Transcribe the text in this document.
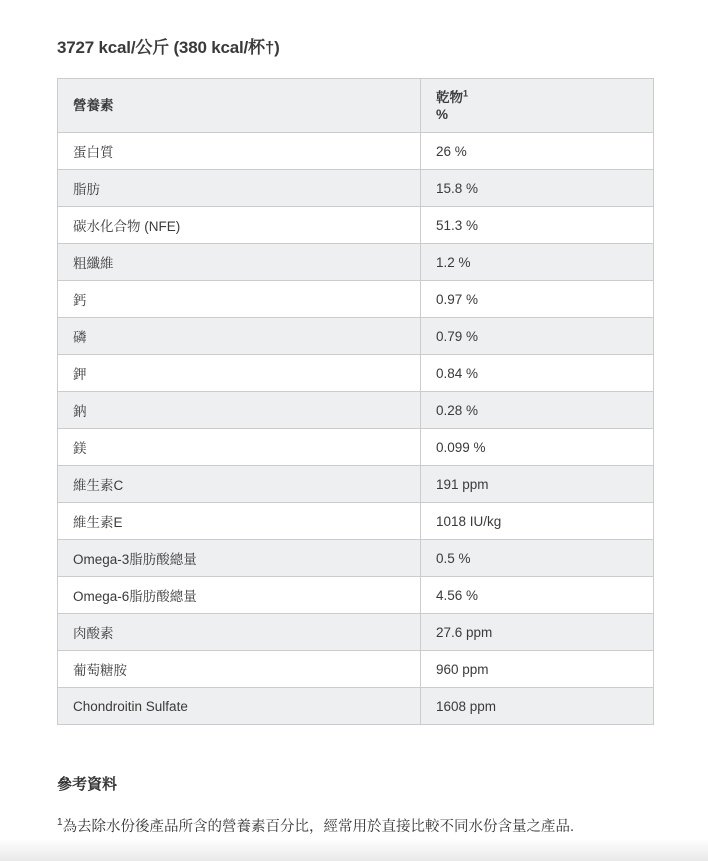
3727 kcal/公斤 (380 kcal/杯†)
營養素	乾物$^1$
%
蛋白質	26 %
脂肪	15.8 %
碳水化合物 (NFE)	51.3 %
粗纖維	1.2 %
鈣	0.97 %
磷	0.79 %
鉀	0.84 %
鈉	0.28 %
鎂	0.099 %
維生素C	191 ppm
維生素E	1018 IU/kg
Omega-3脂肪酸總量	0.5 %
Omega-6脂肪酸總量	4.56 %
肉酸素	27.6 ppm
葡萄糖胺	960 ppm
Chondroitin Sulfate	1608 ppm
參考資料
$^1$為去除水份後產品所含的營養素百分比，經常用於直接比較不同水份含量之產品.
